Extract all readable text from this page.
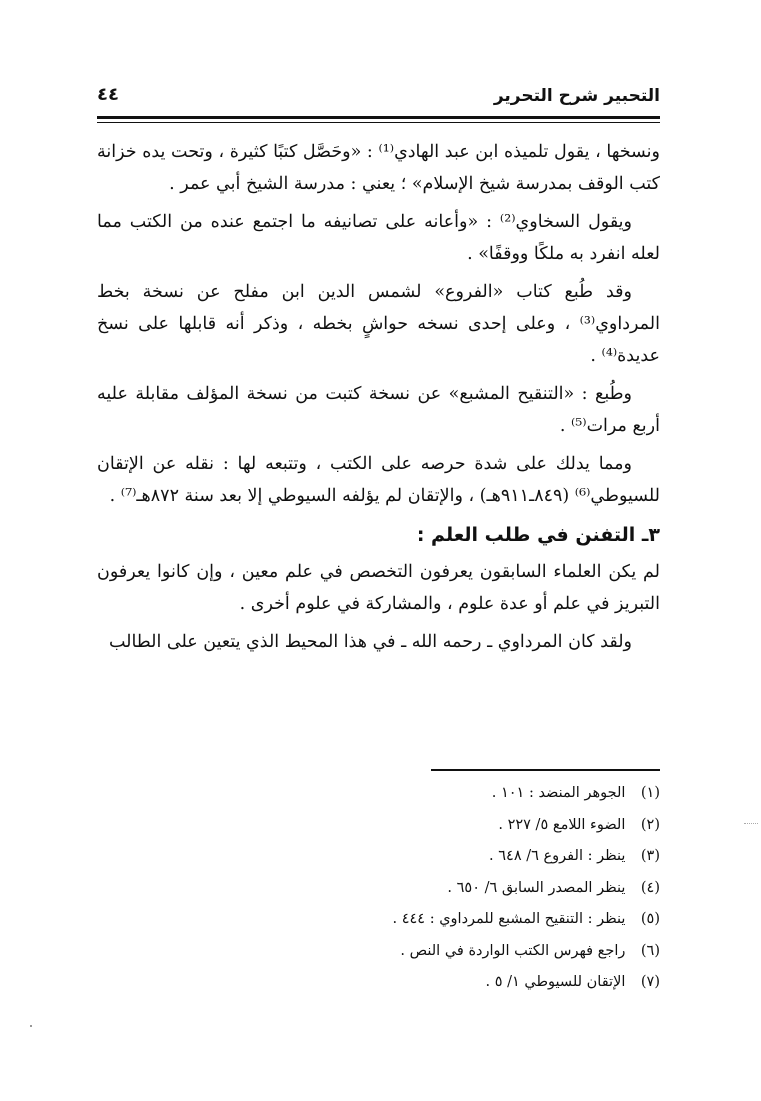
التحبير شرح التحرير
٤٤

ونسخها ، يقول تلميذه ابن عبد الهادي⁽¹⁾ : «وحَصَّل كتبًا كثيرة ، وتحت يده خزانة كتب الوقف بمدرسة شيخ الإسلام» ؛ يعني : مدرسة الشيخ أبي عمر .

ويقول السخاوي⁽²⁾ : «وأعانه على تصانيفه ما اجتمع عنده من الكتب مما لعله انفرد به ملكًا ووقفًا» .

وقد طُبع كتاب «الفروع» لشمس الدين ابن مفلح عن نسخة بخط المرداوي⁽³⁾ ، وعلى إحدى نسخه حواشٍ بخطه ، وذكر أنه قابلها على نسخ عديدة⁽⁴⁾ .

وطُبع : «التنقيح المشبع» عن نسخة كتبت من نسخة المؤلف مقابلة عليه أربع مرات⁽⁵⁾ .

ومما يدلك على شدة حرصه على الكتب ، وتتبعه لها : نقله عن الإتقان للسيوطي⁽⁶⁾ (٨٤٩ـ٩١١هـ) ، والإتقان لم يؤلفه السيوطي إلا بعد سنة ٨٧٢هـ⁽⁷⁾ .

٣ـ التفنن في طلب العلم :

لم يكن العلماء السابقون يعرفون التخصص في علم معين ، وإن كانوا يعرفون التبريز في علم أو عدة علوم ، والمشاركة في علوم أخرى .

ولقد كان المرداوي ـ رحمه الله ـ في هذا المحيط الذي يتعين على الطالب

(١) الجوهر المنضد : ١٠١ .
(٢) الضوء اللامع ٥/ ٢٢٧ .
(٣) ينظر : الفروع ٦/ ٦٤٨ .
(٤) ينظر المصدر السابق ٦/ ٦٥٠ .
(٥) ينظر : التنقيح المشبع للمرداوي : ٤٤٤ .
(٦) راجع فهرس الكتب الواردة في النص .
(٧) الإتقان للسيوطي ١/ ٥ .
